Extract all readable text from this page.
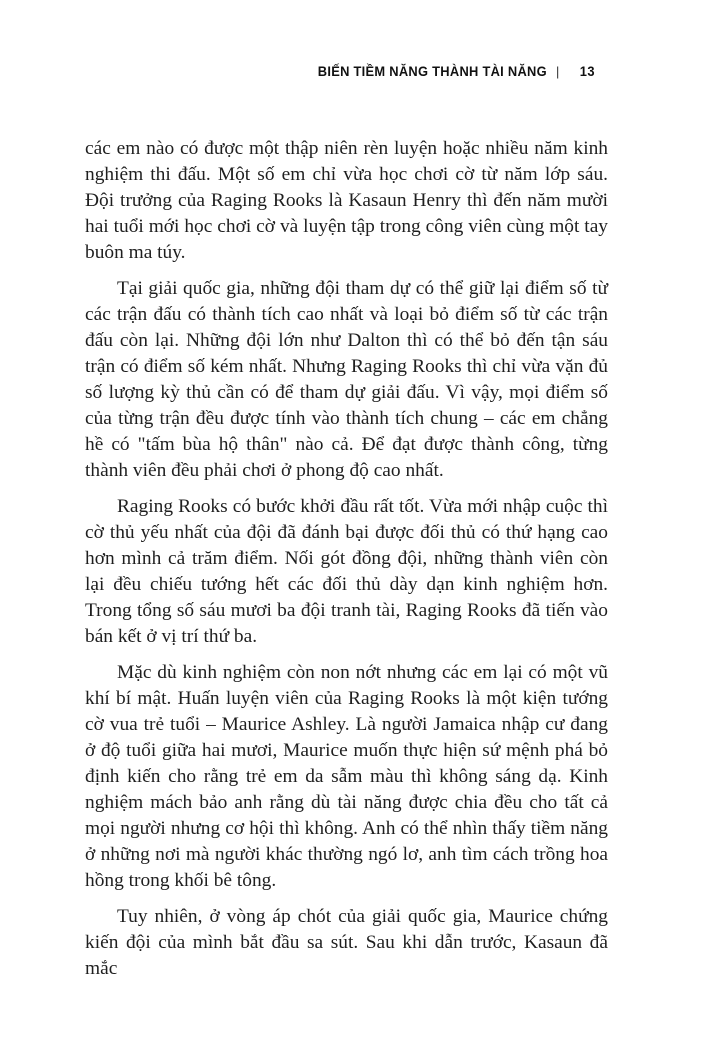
BIẾN TIỀM NĂNG THÀNH TÀI NĂNG | 13

các em nào có được một thập niên rèn luyện hoặc nhiều năm kinh nghiệm thi đấu. Một số em chỉ vừa học chơi cờ từ năm lớp sáu. Đội trưởng của Raging Rooks là Kasaun Henry thì đến năm mười hai tuổi mới học chơi cờ và luyện tập trong công viên cùng một tay buôn ma túy.

Tại giải quốc gia, những đội tham dự có thể giữ lại điểm số từ các trận đấu có thành tích cao nhất và loại bỏ điểm số từ các trận đấu còn lại. Những đội lớn như Dalton thì có thể bỏ đến tận sáu trận có điểm số kém nhất. Nhưng Raging Rooks thì chỉ vừa vặn đủ số lượng kỳ thủ cần có để tham dự giải đấu. Vì vậy, mọi điểm số của từng trận đều được tính vào thành tích chung – các em chẳng hề có "tấm bùa hộ thân" nào cả. Để đạt được thành công, từng thành viên đều phải chơi ở phong độ cao nhất.

Raging Rooks có bước khởi đầu rất tốt. Vừa mới nhập cuộc thì cờ thủ yếu nhất của đội đã đánh bại được đối thủ có thứ hạng cao hơn mình cả trăm điểm. Nối gót đồng đội, những thành viên còn lại đều chiếu tướng hết các đối thủ dày dạn kinh nghiệm hơn. Trong tổng số sáu mươi ba đội tranh tài, Raging Rooks đã tiến vào bán kết ở vị trí thứ ba.

Mặc dù kinh nghiệm còn non nớt nhưng các em lại có một vũ khí bí mật. Huấn luyện viên của Raging Rooks là một kiện tướng cờ vua trẻ tuổi – Maurice Ashley. Là người Jamaica nhập cư đang ở độ tuổi giữa hai mươi, Maurice muốn thực hiện sứ mệnh phá bỏ định kiến cho rằng trẻ em da sẫm màu thì không sáng dạ. Kinh nghiệm mách bảo anh rằng dù tài năng được chia đều cho tất cả mọi người nhưng cơ hội thì không. Anh có thể nhìn thấy tiềm năng ở những nơi mà người khác thường ngó lơ, anh tìm cách trồng hoa hồng trong khối bê tông.

Tuy nhiên, ở vòng áp chót của giải quốc gia, Maurice chứng kiến đội của mình bắt đầu sa sút. Sau khi dẫn trước, Kasaun đã mắc
